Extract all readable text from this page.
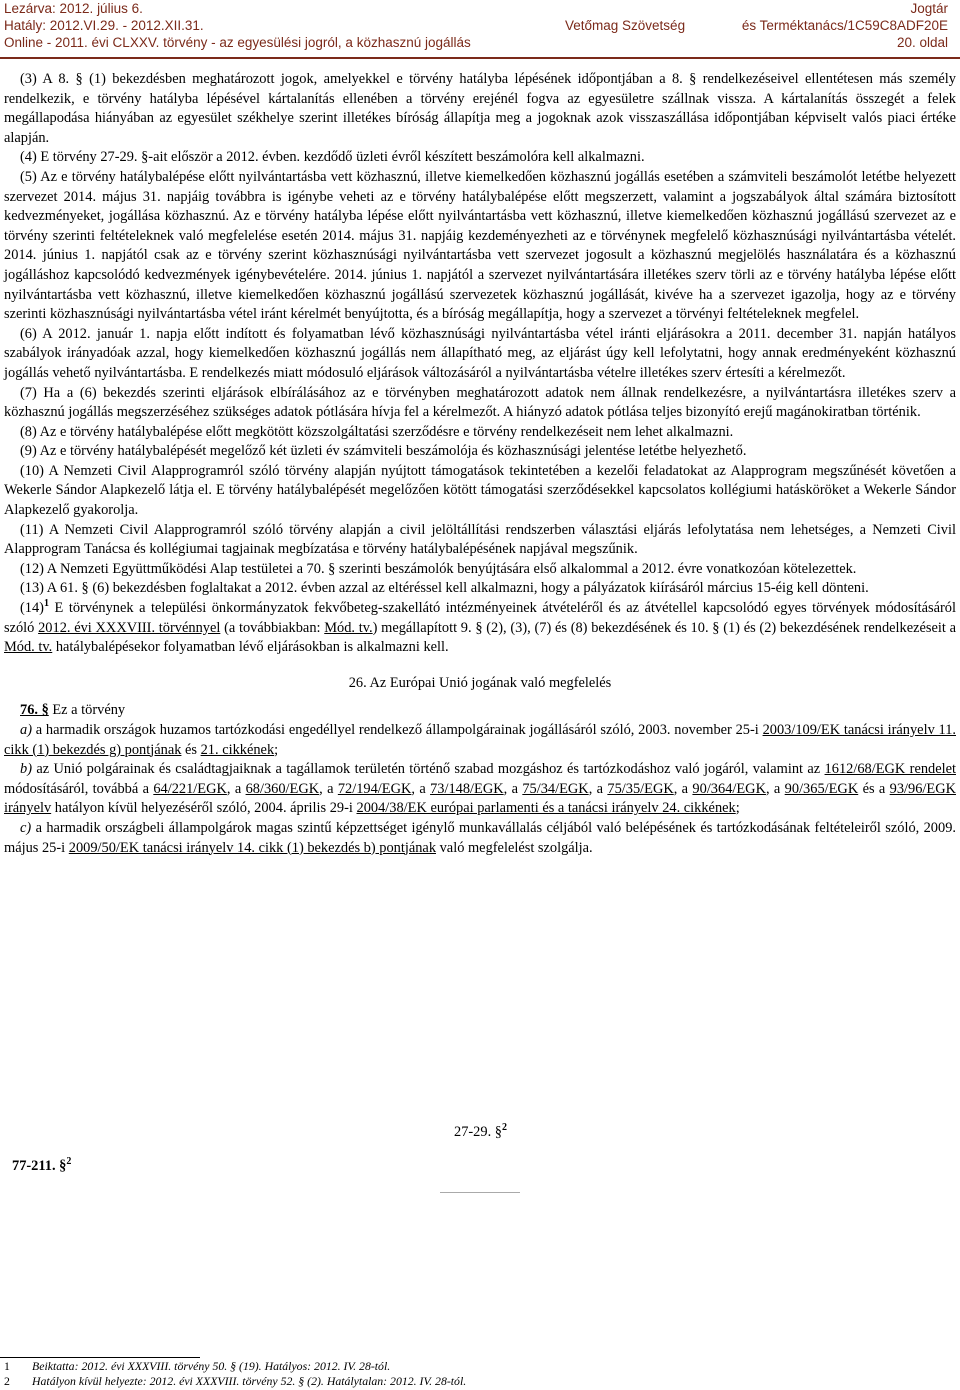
Lezárva: 2012. július 6.
Hatály: 2012.VI.29. - 2012.XII.31.
Online - 2011. évi CLXXV. törvény - az egyesülési jogról, a közhasznú jogállás
Vetőmag Szövetség
Jogtár
és Terméktanács/1C59C8ADF20E
20. oldal

(3) A 8. § (1) bekezdésben meghatározott jogok, amelyekkel e törvény hatályba lépésének időpontjában a 8. § rendelkezéseivel ellentétesen más személy rendelkezik, e törvény hatályba lépésével kártalanítás ellenében a törvény erejénél fogva az egyesületre szállnak vissza. A kártalanítás összegét a felek megállapodása hiányában az egyesület székhelye szerint illetékes bíróság állapítja meg a jogoknak azok visszaszállása időpontjában képviselt valós piaci értéke alapján.

(4) E törvény 27-29. §-ait először a 2012. évben. kezdődő üzleti évről készített beszámolóra kell alkalmazni.

(5) Az e törvény hatálybalépése előtt nyilvántartásba vett közhasznú, illetve kiemelkedően közhasznú jogállás esetében a számviteli beszámolót letétbe helyezett szervezet 2014. május 31. napjáig továbbra is igénybe veheti az e törvény hatálybalépése előtt megszerzett, valamint a jogszabályok által számára biztosított kedvezményeket, jogállása közhasznú. Az e törvény hatályba lépése előtt nyilvántartásba vett közhasznú, illetve kiemelkedően közhasznú jogállású szervezet az e törvény szerinti feltételeknek való megfelelése esetén 2014. május 31. napjáig kezdeményezheti az e törvénynek megfelelő közhasznúsági nyilvántartásba vételét. 2014. június 1. napjától csak az e törvény szerint közhasznúsági nyilvántartásba vett szervezet jogosult a közhasznú megjelölés használatára és a közhasznú jogálláshoz kapcsolódó kedvezmények igénybevételére. 2014. június 1. napjától a szervezet nyilvántartására illetékes szerv törli az e törvény hatályba lépése előtt nyilvántartásba vett közhasznú, illetve kiemelkedően közhasznú jogállású szervezetek közhasznú jogállását, kivéve ha a szervezet igazolja, hogy az e törvény szerinti közhasznúsági nyilvántartásba vétel iránt kérelmét benyújtotta, és a bíróság megállapítja, hogy a szervezet a törvényi feltételeknek megfelel.

(6) A 2012. január 1. napja előtt indított és folyamatban lévő közhasznúsági nyilvántartásba vétel iránti eljárásokra a 2011. december 31. napján hatályos szabályok irányadóak azzal, hogy kiemelkedően közhasznú jogállás nem állapítható meg, az eljárást úgy kell lefolytatni, hogy annak eredményeként közhasznú jogállás vehető nyilvántartásba. E rendelkezés miatt módosuló eljárások változásáról a nyilvántartásba vételre illetékes szerv értesíti a kérelmezőt.

(7) Ha a (6) bekezdés szerinti eljárások elbírálásához az e törvényben meghatározott adatok nem állnak rendelkezésre, a nyilvántartásra illetékes szerv a közhasznú jogállás megszerzéséhez szükséges adatok pótlására hívja fel a kérelmezőt. A hiányzó adatok pótlása teljes bizonyító erejű magánokiratban történik.

(8) Az e törvény hatálybalépése előtt megkötött közszolgáltatási szerződésre e törvény rendelkezéseit nem lehet alkalmazni.

(9) Az e törvény hatálybalépését megelőző két üzleti év számviteli beszámolója és közhasznúsági jelentése letétbe helyezhető.

(10) A Nemzeti Civil Alapprogramról szóló törvény alapján nyújtott támogatások tekintetében a kezelői feladatokat az Alapprogram megszűnését követően a Wekerle Sándor Alapkezelő látja el. E törvény hatálybalépését megelőzően kötött támogatási szerződésekkel kapcsolatos kollégiumi hatásköröket a Wekerle Sándor Alapkezelő gyakorolja.

(11) A Nemzeti Civil Alapprogramról szóló törvény alapján a civil jelöltállítási rendszerben választási eljárás lefolytatása nem lehetséges, a Nemzeti Civil Alapprogram Tanácsa és kollégiumai tagjainak megbízatása e törvény hatálybalépésének napjával megszűnik.

(12) A Nemzeti Együttműködési Alap testületei a 70. § szerinti beszámolók benyújtására első alkalommal a 2012. évre vonatkozóan kötelezettek.

(13) A 61. § (6) bekezdésben foglaltakat a 2012. évben azzal az eltéréssel kell alkalmazni, hogy a pályázatok kiírásáról március 15-éig kell dönteni.

$(14)^1$ E törvénynek a települési önkormányzatok fekvőbeteg-szakellátó intézményeinek átvételéről és az átvétellel kapcsolódó egyes törvények módosításáról szóló 2012. évi XXXVIII. törvénnyel (a továbbiakban: Mód. tv.) megállapított 9. § (2), (3), (7) és (8) bekezdésének és 10. § (1) és (2) bekezdésének rendelkezéseit a Mód. tv. hatálybalépésekor folyamatban lévő eljárásokban is alkalmazni kell.

26. Az Európai Unió jogának való megfelelés

76. § Ez a törvény

a) a harmadik országok huzamos tartózkodási engedéllyel rendelkező állampolgárainak jogállásáról szóló, 2003. november 25-i 2003/109/EK tanácsi irányelv 11. cikk (1) bekezdés g) pontjának és 21. cikkének;

b) az Unió polgárainak és családtagjaiknak a tagállamok területén történő szabad mozgáshoz és tartózkodáshoz való jogáról, valamint az 1612/68/EGK rendelet módosításáról, továbbá a 64/221/EGK, a 68/360/EGK, a 72/194/EGK, a 73/148/EGK, a 75/34/EGK, a 75/35/EGK, a 90/364/EGK, a 90/365/EGK és a 93/96/EGK irányelv hatályon kívül helyezéséről szóló, 2004. április 29-i 2004/38/EK európai parlamenti és a tanácsi irányelv 24. cikkének;

c) a harmadik országbeli állampolgárok magas szintű képzettséget igénylő munkavállalás céljából való belépésének és tartózkodásának feltételeiről szóló, 2009. május 25-i 2009/50/EK tanácsi irányelv 14. cikk (1) bekezdés b) pontjának való megfelelést szolgálja.

27-29. §$^2$
77-211. §$^2$
1 Beiktatta: 2012. évi XXXVIII. törvény 50. § (19). Hatályos: 2012. IV. 28-tól.
2 Hatályon kívül helyezte: 2012. évi XXXVIII. törvény 52. § (2). Hatálytalan: 2012. IV. 28-tól.
